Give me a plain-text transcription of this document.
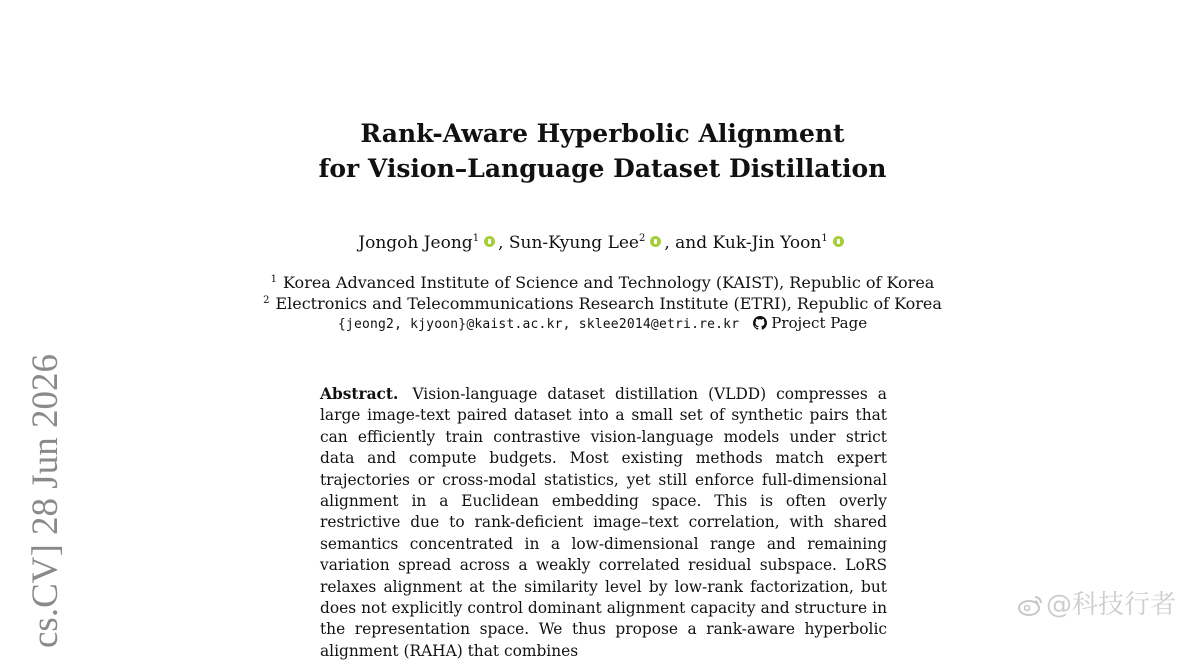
cs.CV] 28 Jun 2026
Rank-Aware Hyperbolic Alignment
for Vision–Language Dataset Distillation
Jongoh Jeong$^1$ , Sun-Kyung Lee$^2$ , and Kuk-Jin Yoon$^1$
$^1$ Korea Advanced Institute of Science and Technology (KAIST), Republic of Korea
$^2$ Electronics and Telecommunications Research Institute (ETRI), Republic of Korea
{jeong2, kjyoon}@kaist.ac.kr, sklee2014@etri.re.kr Project Page

Abstract. Vision-language dataset distillation (VLDD) compresses a large image-text paired dataset into a small set of synthetic pairs that can efficiently train contrastive vision-language models under strict data and compute budgets. Most existing methods match expert trajectories or cross-modal statistics, yet still enforce full-dimensional alignment in a Euclidean embedding space. This is often overly restrictive due to rank-deficient image–text correlation, with shared semantics concentrated in a low-dimensional range and remaining variation spread across a weakly correlated residual subspace. LoRS relaxes alignment at the similarity level by low-rank factorization, but does not explicitly control dominant alignment capacity and structure in the representation space. We thus propose a rank-aware hyperbolic alignment (RAHA) that combines

@科技行者
